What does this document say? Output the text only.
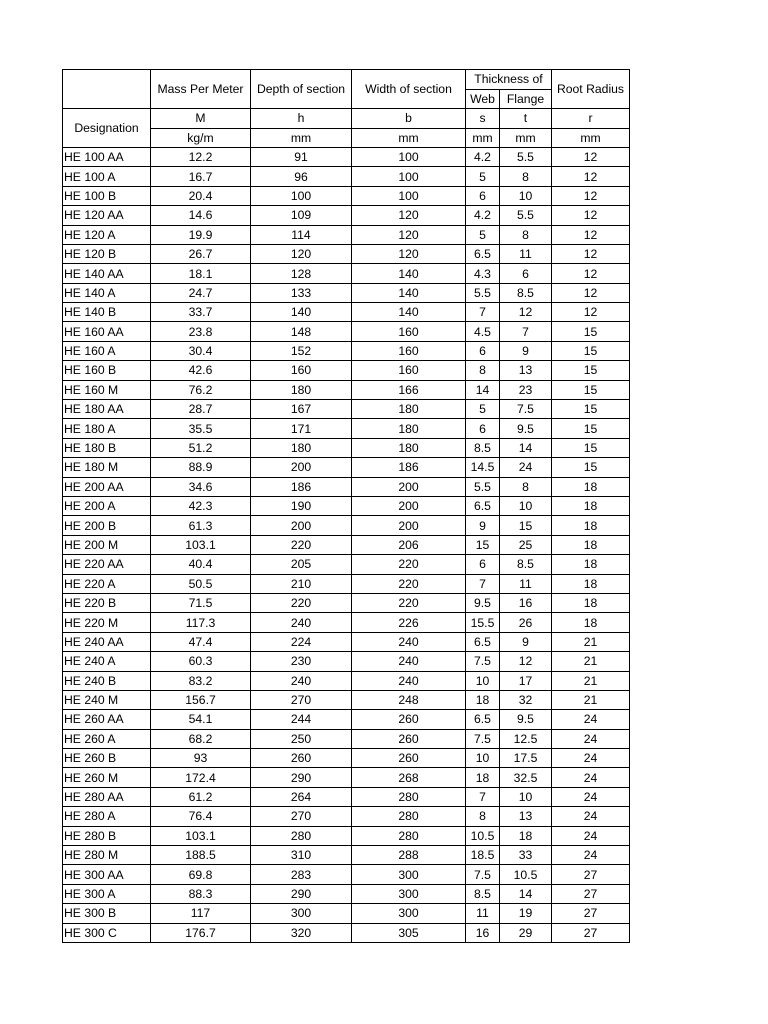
	Mass Per Meter	Depth of section	Width of section	Thickness of		Root Radius
				Web	Flange	
Designation	M	h	b	s	t	r
	kg/m	mm	mm	mm	mm	mm
HE 100 AA	12.2	91	100	4.2	5.5	12
HE 100 A	16.7	96	100	5	8	12
HE 100 B	20.4	100	100	6	10	12
HE 120 AA	14.6	109	120	4.2	5.5	12
HE 120 A	19.9	114	120	5	8	12
HE 120 B	26.7	120	120	6.5	11	12
HE 140 AA	18.1	128	140	4.3	6	12
HE 140 A	24.7	133	140	5.5	8.5	12
HE 140 B	33.7	140	140	7	12	12
HE 160 AA	23.8	148	160	4.5	7	15
HE 160 A	30.4	152	160	6	9	15
HE 160 B	42.6	160	160	8	13	15
HE 160 M	76.2	180	166	14	23	15
HE 180 AA	28.7	167	180	5	7.5	15
HE 180 A	35.5	171	180	6	9.5	15
HE 180 B	51.2	180	180	8.5	14	15
HE 180 M	88.9	200	186	14.5	24	15
HE 200 AA	34.6	186	200	5.5	8	18
HE 200 A	42.3	190	200	6.5	10	18
HE 200 B	61.3	200	200	9	15	18
HE 200 M	103.1	220	206	15	25	18
HE 220 AA	40.4	205	220	6	8.5	18
HE 220 A	50.5	210	220	7	11	18
HE 220 B	71.5	220	220	9.5	16	18
HE 220 M	117.3	240	226	15.5	26	18
HE 240 AA	47.4	224	240	6.5	9	21
HE 240 A	60.3	230	240	7.5	12	21
HE 240 B	83.2	240	240	10	17	21
HE 240 M	156.7	270	248	18	32	21
HE 260 AA	54.1	244	260	6.5	9.5	24
HE 260 A	68.2	250	260	7.5	12.5	24
HE 260 B	93	260	260	10	17.5	24
HE 260 M	172.4	290	268	18	32.5	24
HE 280 AA	61.2	264	280	7	10	24
HE 280 A	76.4	270	280	8	13	24
HE 280 B	103.1	280	280	10.5	18	24
HE 280 M	188.5	310	288	18.5	33	24
HE 300 AA	69.8	283	300	7.5	10.5	27
HE 300 A	88.3	290	300	8.5	14	27
HE 300 B	117	300	300	11	19	27
HE 300 C	176.7	320	305	16	29	27
